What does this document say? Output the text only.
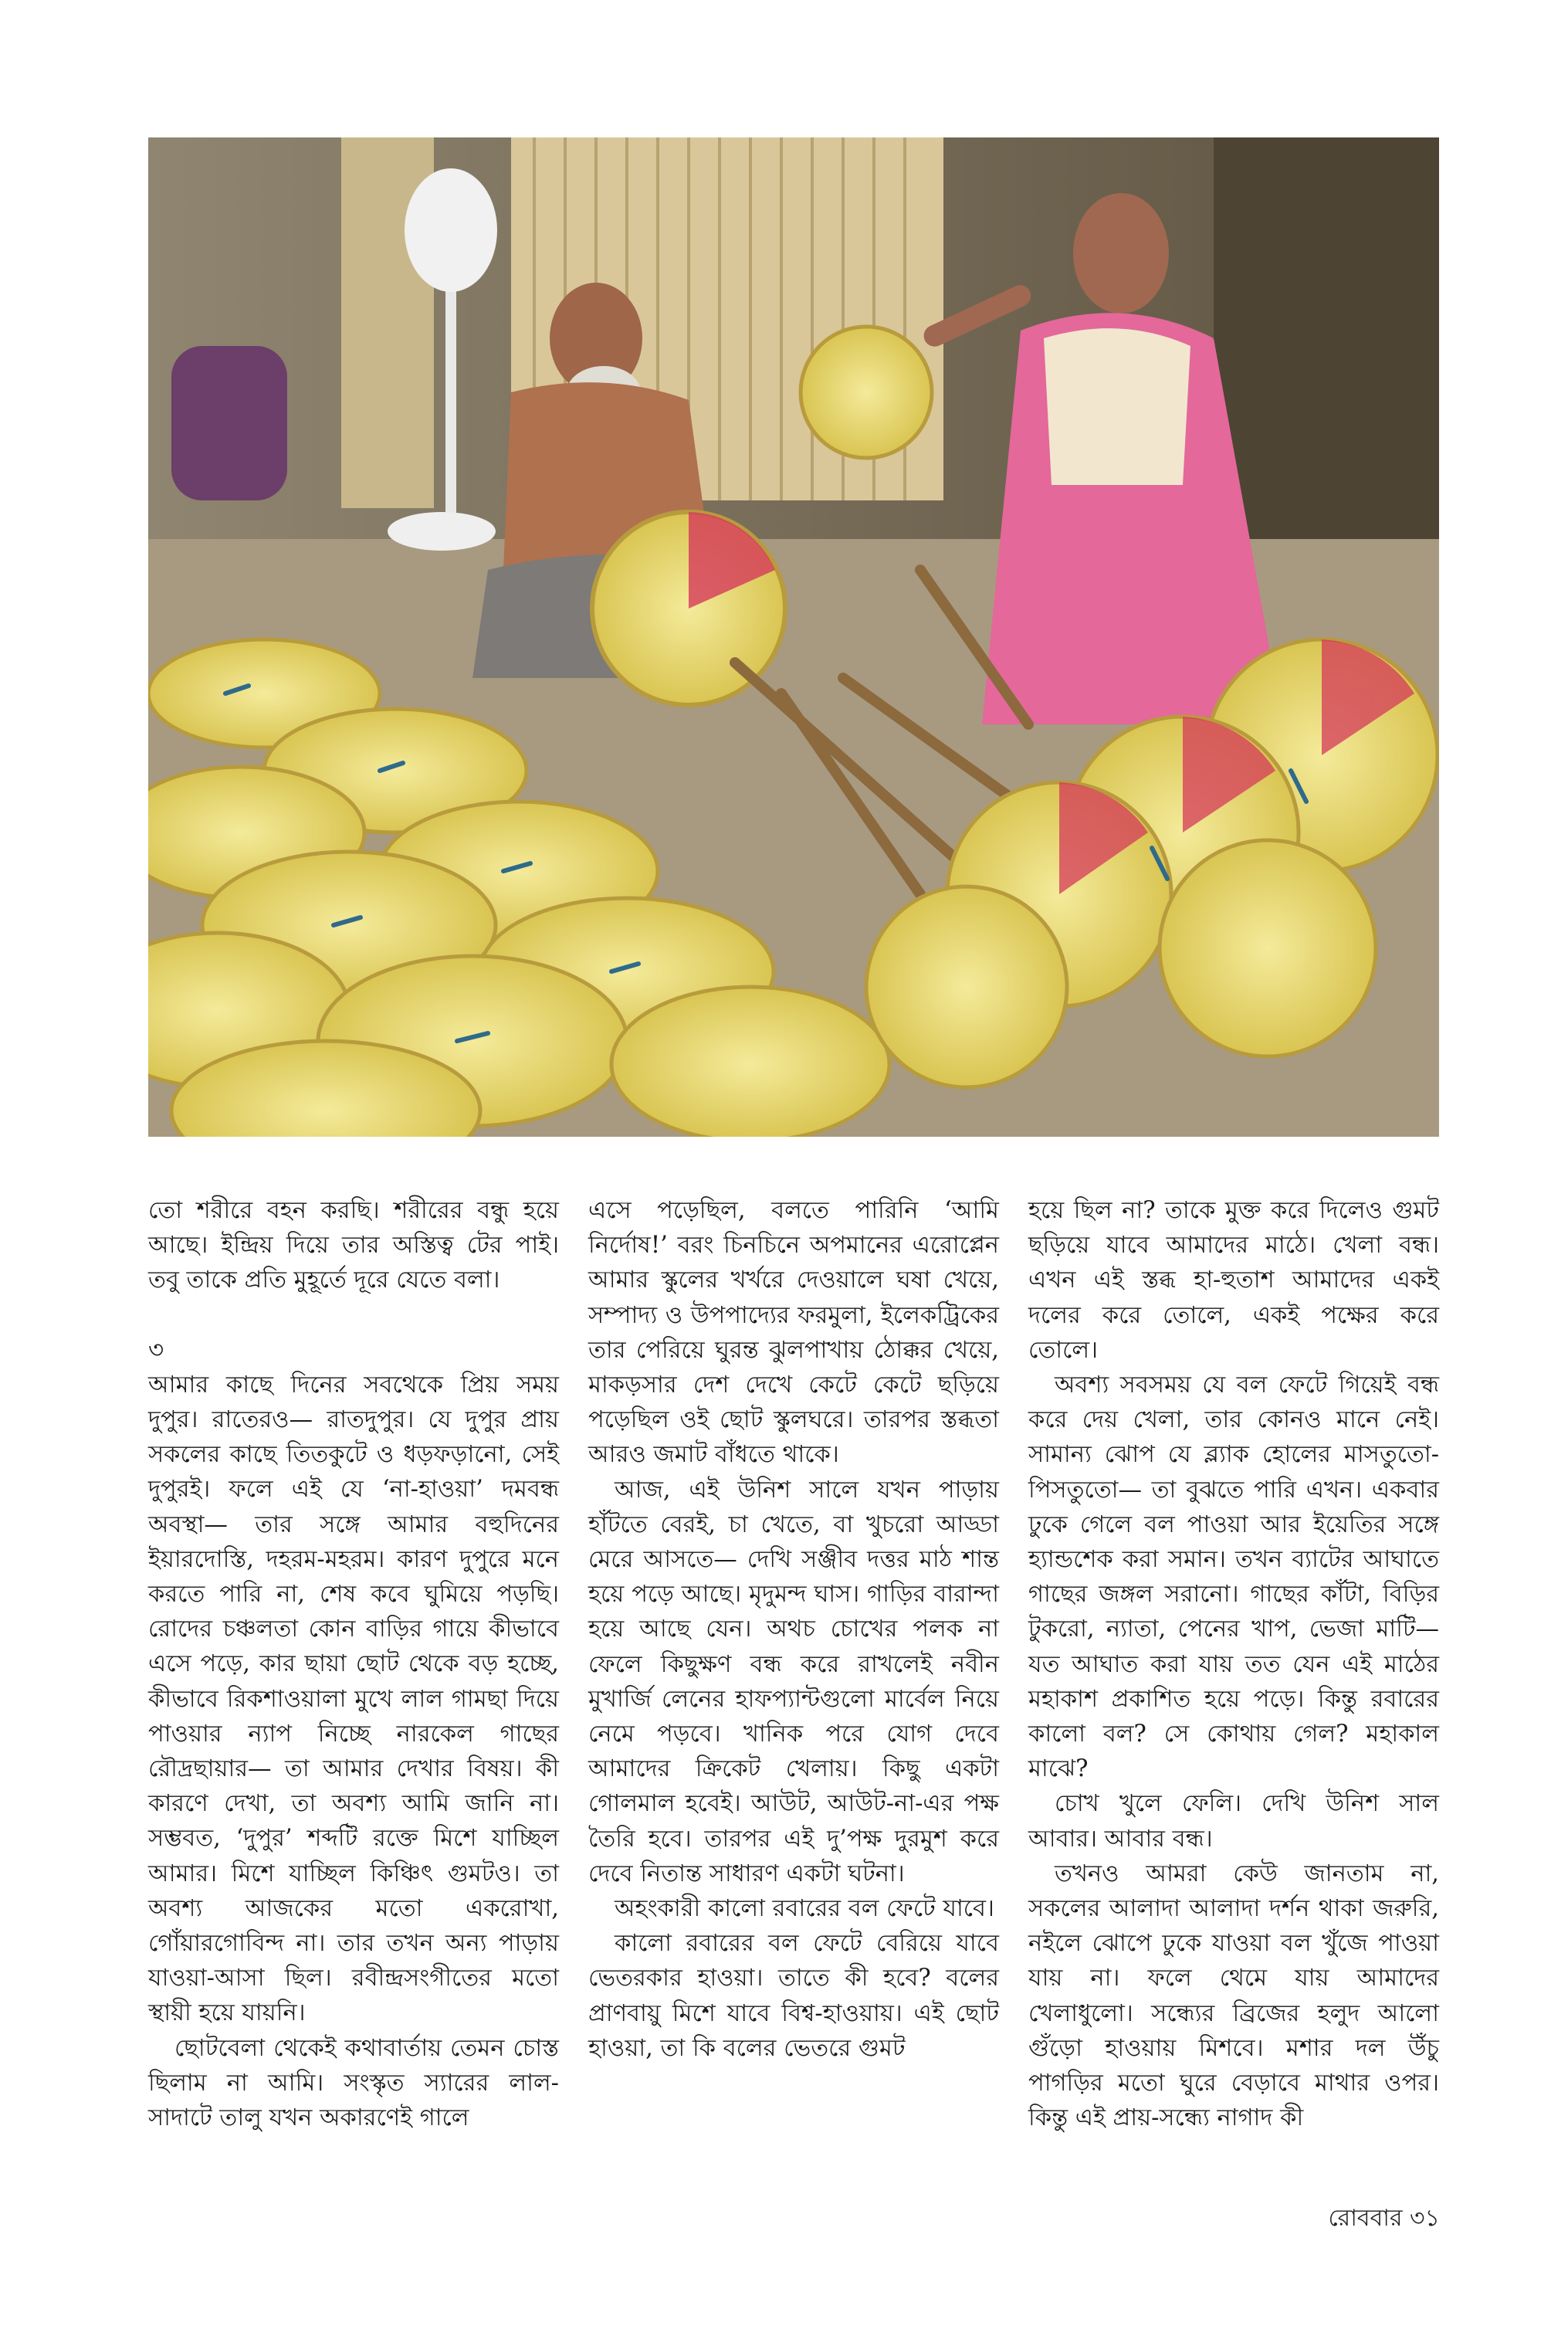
তো শরীরে বহন করছি। শরীরের বন্ধু হয়ে আছে। ইন্দ্রিয় দিয়ে তার অস্তিত্ব টের পাই। তবু তাকে প্রতি মুহূর্তে দূরে যেতে বলা।

৩

আমার কাছে দিনের সবথেকে প্রিয় সময় দুপুর। রাতেরও— রাতদুপুর। যে দুপুর প্রায় সকলের কাছে তিতকুটে ও ধড়ফড়ানো, সেই দুপুরই। ফলে এই যে ‘না-হাওয়া’ দমবন্ধ অবস্থা— তার সঙ্গে আমার বহুদিনের ইয়ারদোস্তি, দহরম-মহরম। কারণ দুপুরে মনে করতে পারি না, শেষ কবে ঘুমিয়ে পড়ছি। রোদের চঞ্চলতা কোন বাড়ির গায়ে কীভাবে এসে পড়ে, কার ছায়া ছোট থেকে বড় হচ্ছে, কীভাবে রিকশাওয়ালা মুখে লাল গামছা দিয়ে পাওয়ার ন্যাপ নিচ্ছে নারকেল গাছের রৌদ্রছায়ার— তা আমার দেখার বিষয়। কী কারণে দেখা, তা অবশ্য আমি জানি না। সম্ভবত, ‘দুপুর’ শব্দটি রক্তে মিশে যাচ্ছিল আমার। মিশে যাচ্ছিল কিঞ্চিৎ গুমটও। তা অবশ্য আজকের মতো একরোখা, গোঁয়ারগোবিন্দ না। তার তখন অন্য পাড়ায় যাওয়া-আসা ছিল। রবীন্দ্রসংগীতের মতো স্থায়ী হয়ে যায়নি।

ছোটবেলা থেকেই কথাবার্তায় তেমন চোস্ত ছিলাম না আমি। সংস্কৃত স্যারের লাল-সাদাটে তালু যখন অকারণেই গালে

এসে পড়েছিল, বলতে পারিনি ‘আমি নির্দোষ!’ বরং চিনচিনে অপমানের এরোপ্লেন আমার স্কুলের খর্খরে দেওয়ালে ঘষা খেয়ে, সম্পাদ্য ও উপপাদ্যের ফরমুলা, ইলেকট্রিকের তার পেরিয়ে ঘুরন্ত ঝুলপাখায় ঠোক্কর খেয়ে, মাকড়সার দেশ দেখে কেটে কেটে ছড়িয়ে পড়েছিল ওই ছোট স্কুলঘরে। তারপর স্তব্ধতা আরও জমাট বাঁধতে থাকে।

আজ, এই উনিশ সালে যখন পাড়ায় হাঁটতে বেরই, চা খেতে, বা খুচরো আড্ডা মেরে আসতে— দেখি সঞ্জীব দত্তর মাঠ শান্ত হয়ে পড়ে আছে। মৃদুমন্দ ঘাস। গাড়ির বারান্দা হয়ে আছে যেন। অথচ চোখের পলক না ফেলে কিছুক্ষণ বন্ধ করে রাখলেই নবীন মুখার্জি লেনের হাফপ্যান্টগুলো মার্বেল নিয়ে নেমে পড়বে। খানিক পরে যোগ দেবে আমাদের ক্রিকেট খেলায়। কিছু একটা গোলমাল হবেই। আউট, আউট-না-এর পক্ষ তৈরি হবে। তারপর এই দু’পক্ষ দুরমুশ করে দেবে নিতান্ত সাধারণ একটা ঘটনা।

অহংকারী কালো রবারের বল ফেটে যাবে।

কালো রবারের বল ফেটে বেরিয়ে যাবে ভেতরকার হাওয়া। তাতে কী হবে? বলের প্রাণবায়ু মিশে যাবে বিশ্ব-হাওয়ায়। এই ছোট হাওয়া, তা কি বলের ভেতরে গুমট

হয়ে ছিল না? তাকে মুক্ত করে দিলেও গুমট ছড়িয়ে যাবে আমাদের মাঠে। খেলা বন্ধ। এখন এই স্তব্ধ হা-হুতাশ আমাদের একই দলের করে তোলে, একই পক্ষের করে তোলে।

অবশ্য সবসময় যে বল ফেটে গিয়েই বন্ধ করে দেয় খেলা, তার কোনও মানে নেই। সামান্য ঝোপ যে ব্ল্যাক হোলের মাসতুতো-পিসতুতো— তা বুঝতে পারি এখন। একবার ঢুকে গেলে বল পাওয়া আর ইয়েতির সঙ্গে হ্যান্ডশেক করা সমান। তখন ব্যাটের আঘাতে গাছের জঙ্গল সরানো। গাছের কাঁটা, বিড়ির টুকরো, ন্যাতা, পেনের খাপ, ভেজা মাটি— যত আঘাত করা যায় তত যেন এই মাঠের মহাকাশ প্রকাশিত হয়ে পড়ে। কিন্তু রবারের কালো বল? সে কোথায় গেল? মহাকাল মাঝে?

চোখ খুলে ফেলি। দেখি উনিশ সাল আবার। আবার বন্ধ।

তখনও আমরা কেউ জানতাম না, সকলের আলাদা আলাদা দর্শন থাকা জরুরি, নইলে ঝোপে ঢুকে যাওয়া বল খুঁজে পাওয়া যায় না। ফলে থেমে যায় আমাদের খেলাধুলো। সন্ধ্যের ব্রিজের হলুদ আলো গুঁড়ো হাওয়ায় মিশবে। মশার দল উঁচু পাগড়ির মতো ঘুরে বেড়াবে মাথার ওপর। কিন্তু এই প্রায়-সন্ধ্যে নাগাদ কী

রোববার ৩১
